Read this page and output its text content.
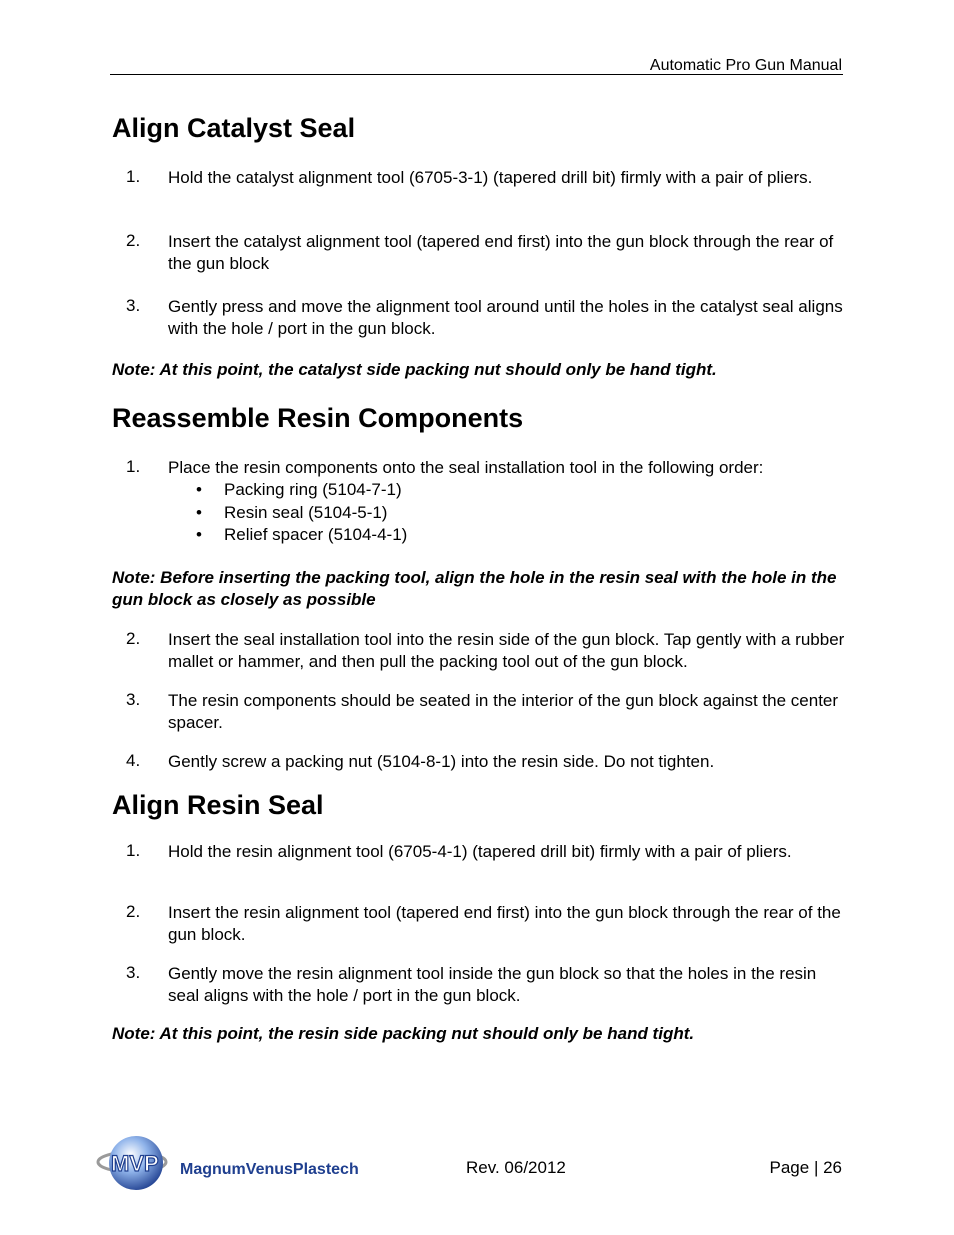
Automatic Pro Gun Manual
Align Catalyst Seal
1. Hold the catalyst alignment tool (6705-3-1) (tapered drill bit) firmly with a pair of pliers.
2. Insert the catalyst alignment tool (tapered end first) into the gun block through the rear of the gun block
3. Gently press and move the alignment tool around until the holes in the catalyst seal aligns with the hole / port in the gun block.
Note: At this point, the catalyst side packing nut should only be hand tight.
Reassemble Resin Components
1. Place the resin components onto the seal installation tool in the following order:
• Packing ring (5104-7-1)
• Resin seal (5104-5-1)
• Relief spacer (5104-4-1)
Note: Before inserting the packing tool, align the hole in the resin seal with the hole in the gun block as closely as possible
2. Insert the seal installation tool into the resin side of the gun block. Tap gently with a rubber mallet or hammer, and then pull the packing tool out of the gun block.
3. The resin components should be seated in the interior of the gun block against the center spacer.
4. Gently screw a packing nut (5104-8-1) into the resin side. Do not tighten.
Align Resin Seal
1. Hold the resin alignment tool (6705-4-1) (tapered drill bit) firmly with a pair of pliers.
2. Insert the resin alignment tool (tapered end first) into the gun block through the rear of the gun block.
3. Gently move the resin alignment tool inside the gun block so that the holes in the resin seal aligns with the hole / port in the gun block.
Note: At this point, the resin side packing nut should only be hand tight.
MVP MagnumVenusPlastech	Rev. 06/2012	Page | 26
